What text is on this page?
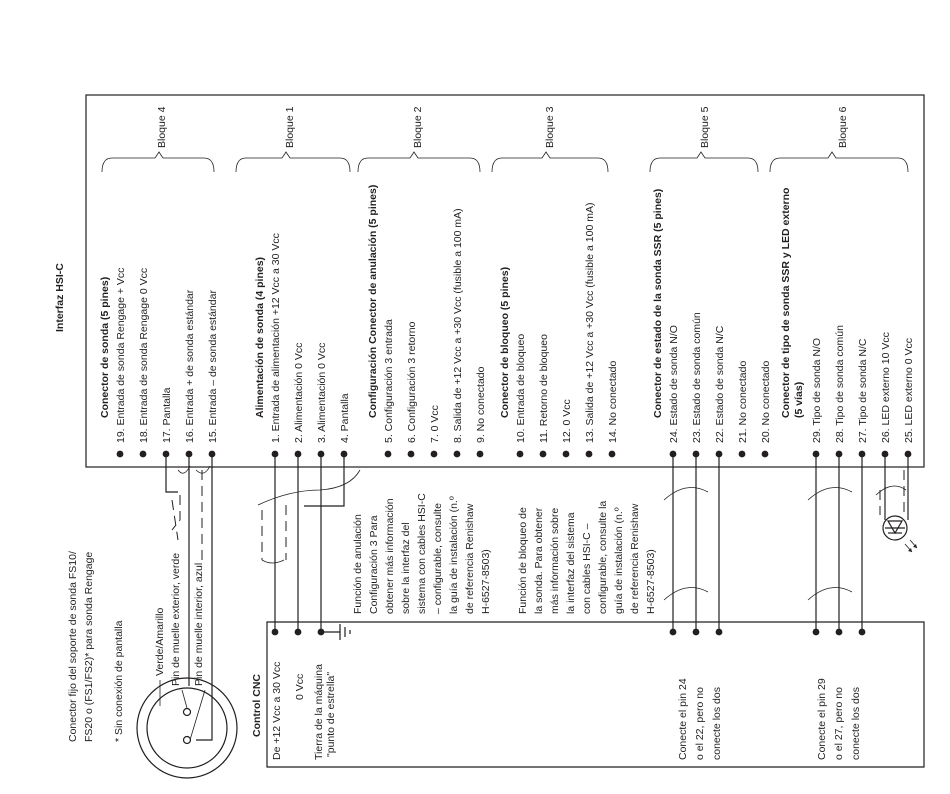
Interfaz HSI-C
Control CNC
Bloque 4	Bloque 1	Bloque 2	Bloque 3	Bloque 5	Bloque 6
Conector de sonda (5 pines)	Alimentación de sonda (4 pines)	Configuración Conector de anulación (5 pines)	Conector de bloqueo (5 pines)	Conector de estado de la sonda SSR (5 pines)	Conector de tipo de sonda SSR y LED externo (5 vías)
19. Entrada de sonda Rengage + Vcc 18. Entrada de sonda Rengage 0 Vcc 17. Pantalla 16. Entrada + de sonda estándar 15. Entrada – de sonda estándar	1. Entrada de alimentación +12 Vcc a 30 Vcc 2. Alimentación 0 Vcc 3. Alimentación 0 Vcc 4. Pantalla	5. Configuración 3 entrada 6. Configuración 3 retorno 7. 0 Vcc 8. Salida de +12 Vcc a +30 Vcc (fusible a 100 mA) 9. No conectado	10. Entrada de bloqueo 11. Retorno de bloqueo 12. 0 Vcc 13. Salida de +12 Vcc a +30 Vcc (fusible a 100 mA) 14. No conectado	24. Estado de sonda N/O 23. Estado de sonda común 22. Estado de sonda N/C 21. No conectado 20. No conectado	29. Tipo de sonda N/O 28. Tipo de sonda común 27. Tipo de sonda N/C 26. LED externo 10 Vcc 25. LED externo 0 Vcc
Función de anulación Configuración 3 Para obtener más información sobre la interfaz del sistema con cables HSI-C – configurable, consulte la guía de instalación (n.º de referencia Renishaw H-6527-8503) Función de bloqueo de la sonda. Para obtener más información sobre la interfaz del sistema con cables HSI-C – configurable, consulte la guía de instalación (n.º de referencia Renishaw H-6527-8503)
Conecte el pin 24 o el 22, pero no conecte los dos	Conecte el pin 29 o el 27, pero no conecte los dos
De +12 Vcc a 30 Vcc 0 Vcc Tierra de la máquina "punto de estrella"
Conector fijo del soporte de sonda FS10/ FS20 o (FS1/FS2)* para sonda Rengage * Sin conexión de pantalla	Verde/Amarillo Pin de muelle exterior, verde Pin de muelle interior, azul
